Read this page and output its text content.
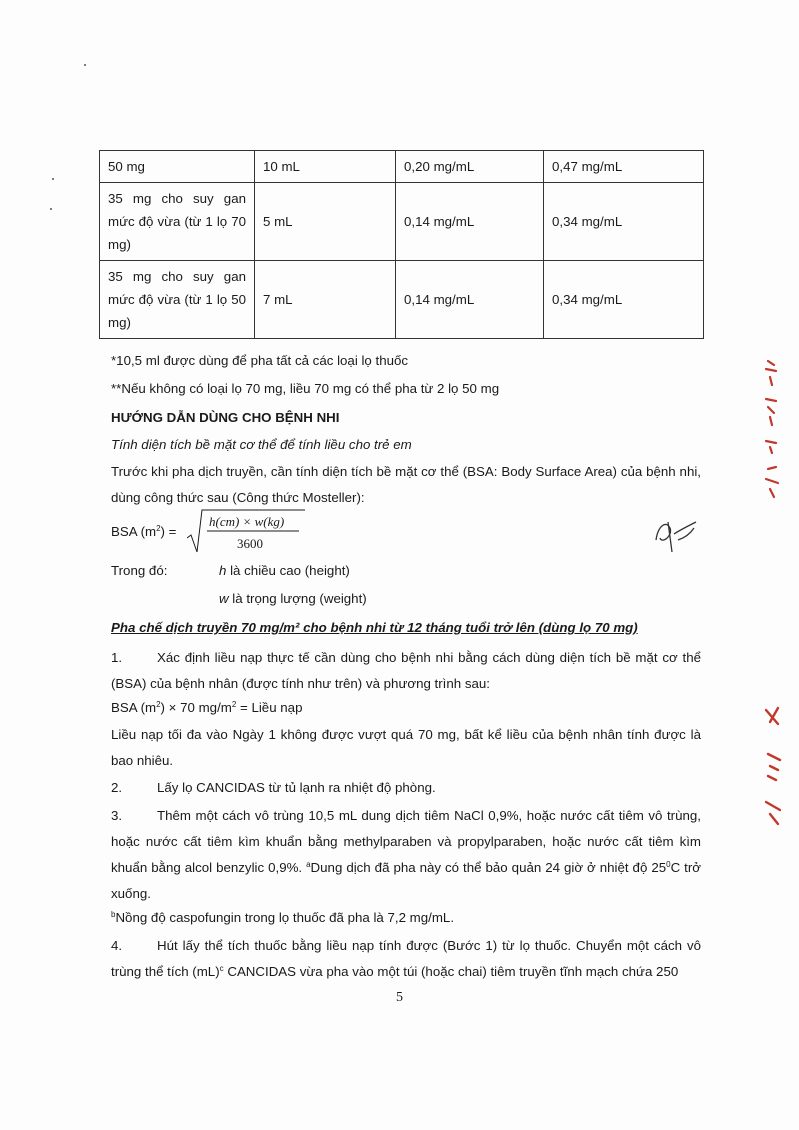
50 mg	10 mL	0,20 mg/mL	0,47 mg/mL
35 mg cho suy gan mức độ vừa (từ 1 lọ 70 mg)	5 mL	0,14 mg/mL	0,34 mg/mL
35 mg cho suy gan mức độ vừa (từ 1 lọ 50 mg)	7 mL	0,14 mg/mL	0,34 mg/mL
*10,5 ml được dùng để pha tất cả các loại lọ thuốc
**Nếu không có loại lọ 70 mg, liều 70 mg có thể pha từ 2 lọ 50 mg
HƯỚNG DẪN DÙNG CHO BỆNH NHI
Tính diện tích bề mặt cơ thể để tính liều cho trẻ em
Trước khi pha dịch truyền, cần tính diện tích bề mặt cơ thể (BSA: Body Surface Area) của bệnh nhi, dùng công thức sau (Công thức Mosteller):
BSA $(m^2)$ =
h(cm) × w(kg)
3600
Trong đó:	h là chiều cao (height)
w là trọng lượng (weight)
Pha chế dịch truyền 70 mg/m² cho bệnh nhi từ 12 tháng tuổi trở lên (dùng lọ 70 mg)
1.	Xác định liều nạp thực tế cần dùng cho bệnh nhi bằng cách dùng diện tích bề mặt cơ thể (BSA) của bệnh nhân (được tính như trên) và phương trình sau:
BSA $(m^2) \times 70$ $mg/m^2$ = Liều nạp
Liều nạp tối đa vào Ngày 1 không được vượt quá 70 mg, bất kể liều của bệnh nhân tính được là bao nhiêu.
2.	Lấy lọ CANCIDAS từ tủ lạnh ra nhiệt độ phòng.
3.	Thêm một cách vô trùng 10,5 mL dung dịch tiêm NaCl 0,9%, hoặc nước cất tiêm vô trùng, hoặc nước cất tiêm kìm khuẩn bằng methylparaben và propylparaben, hoặc nước cất tiêm kìm khuẩn bằng alcol benzylic 0,9%. $^a$Dung dịch đã pha này có thể bảo quản 24 giờ ở nhiệt độ $25^0C$ trở xuống.
$^b$Nồng độ caspofungin trong lọ thuốc đã pha là 7,2 mg/mL.
4.	Hút lấy thể tích thuốc bằng liều nạp tính được (Bước 1) từ lọ thuốc. Chuyển một cách vô trùng thể tích (mL)$^c$ CANCIDAS vừa pha vào một túi (hoặc chai) tiêm truyền tĩnh mạch chứa 250
5
